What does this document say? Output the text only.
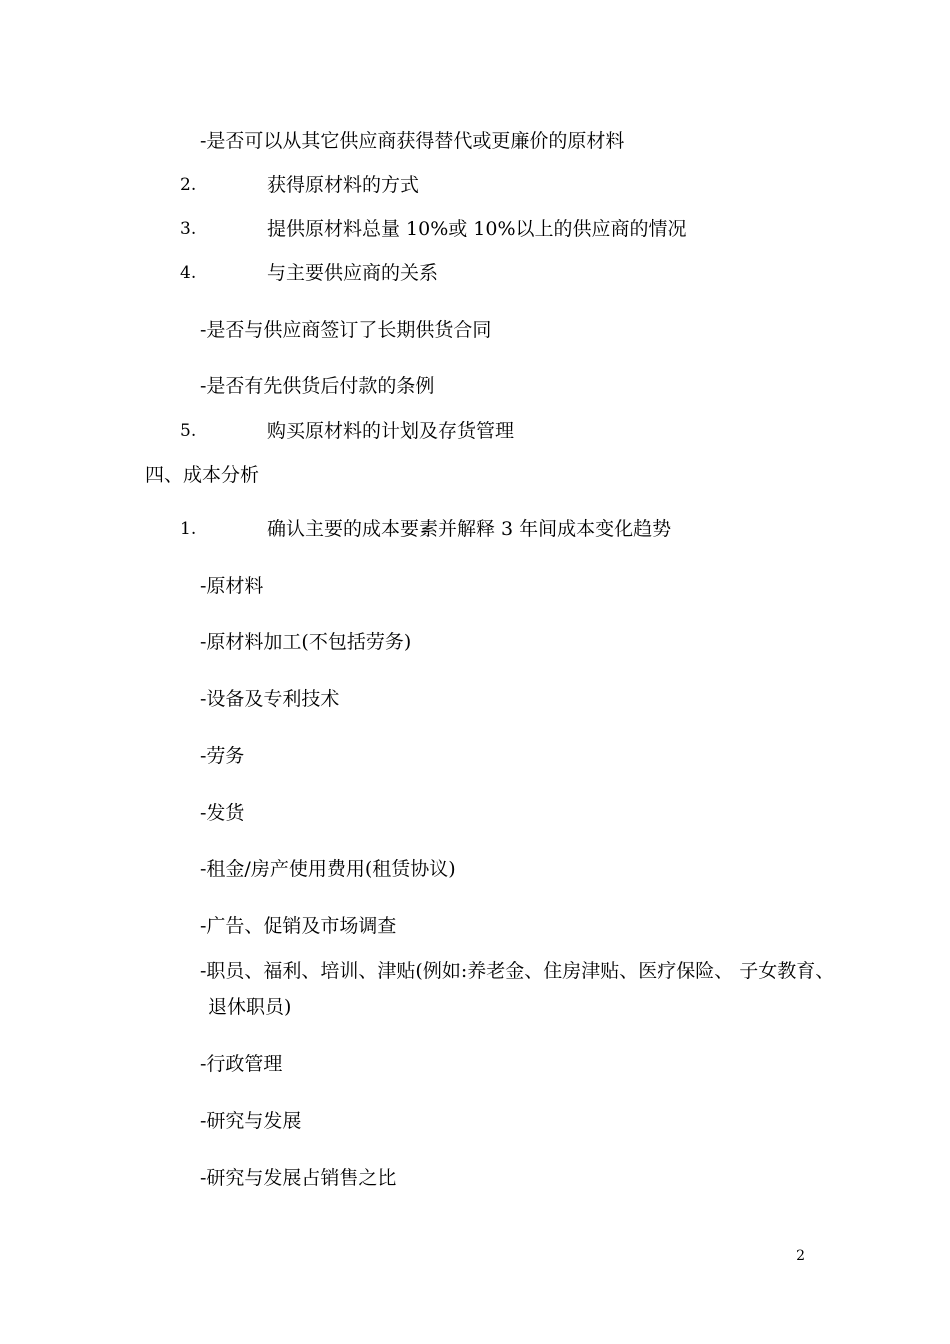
-是否可以从其它供应商获得替代或更廉价的原材料
2.	获得原材料的方式
3.	提供原材料总量 10%或 10%以上的供应商的情况
4.	与主要供应商的关系
-是否与供应商签订了长期供货合同
-是否有先供货后付款的条例
5.	购买原材料的计划及存货管理
四、成本分析
1.	确认主要的成本要素并解释 3 年间成本变化趋势
-原材料
-原材料加工(不包括劳务)
-设备及专利技术
-劳务
-发货
-租金/房产使用费用(租赁协议)
-广告、促销及市场调查
-职员、福利、培训、津贴(例如:养老金、住房津贴、医疗保险、 子女教育、
退休职员)
-行政管理
-研究与发展
-研究与发展占销售之比
2
